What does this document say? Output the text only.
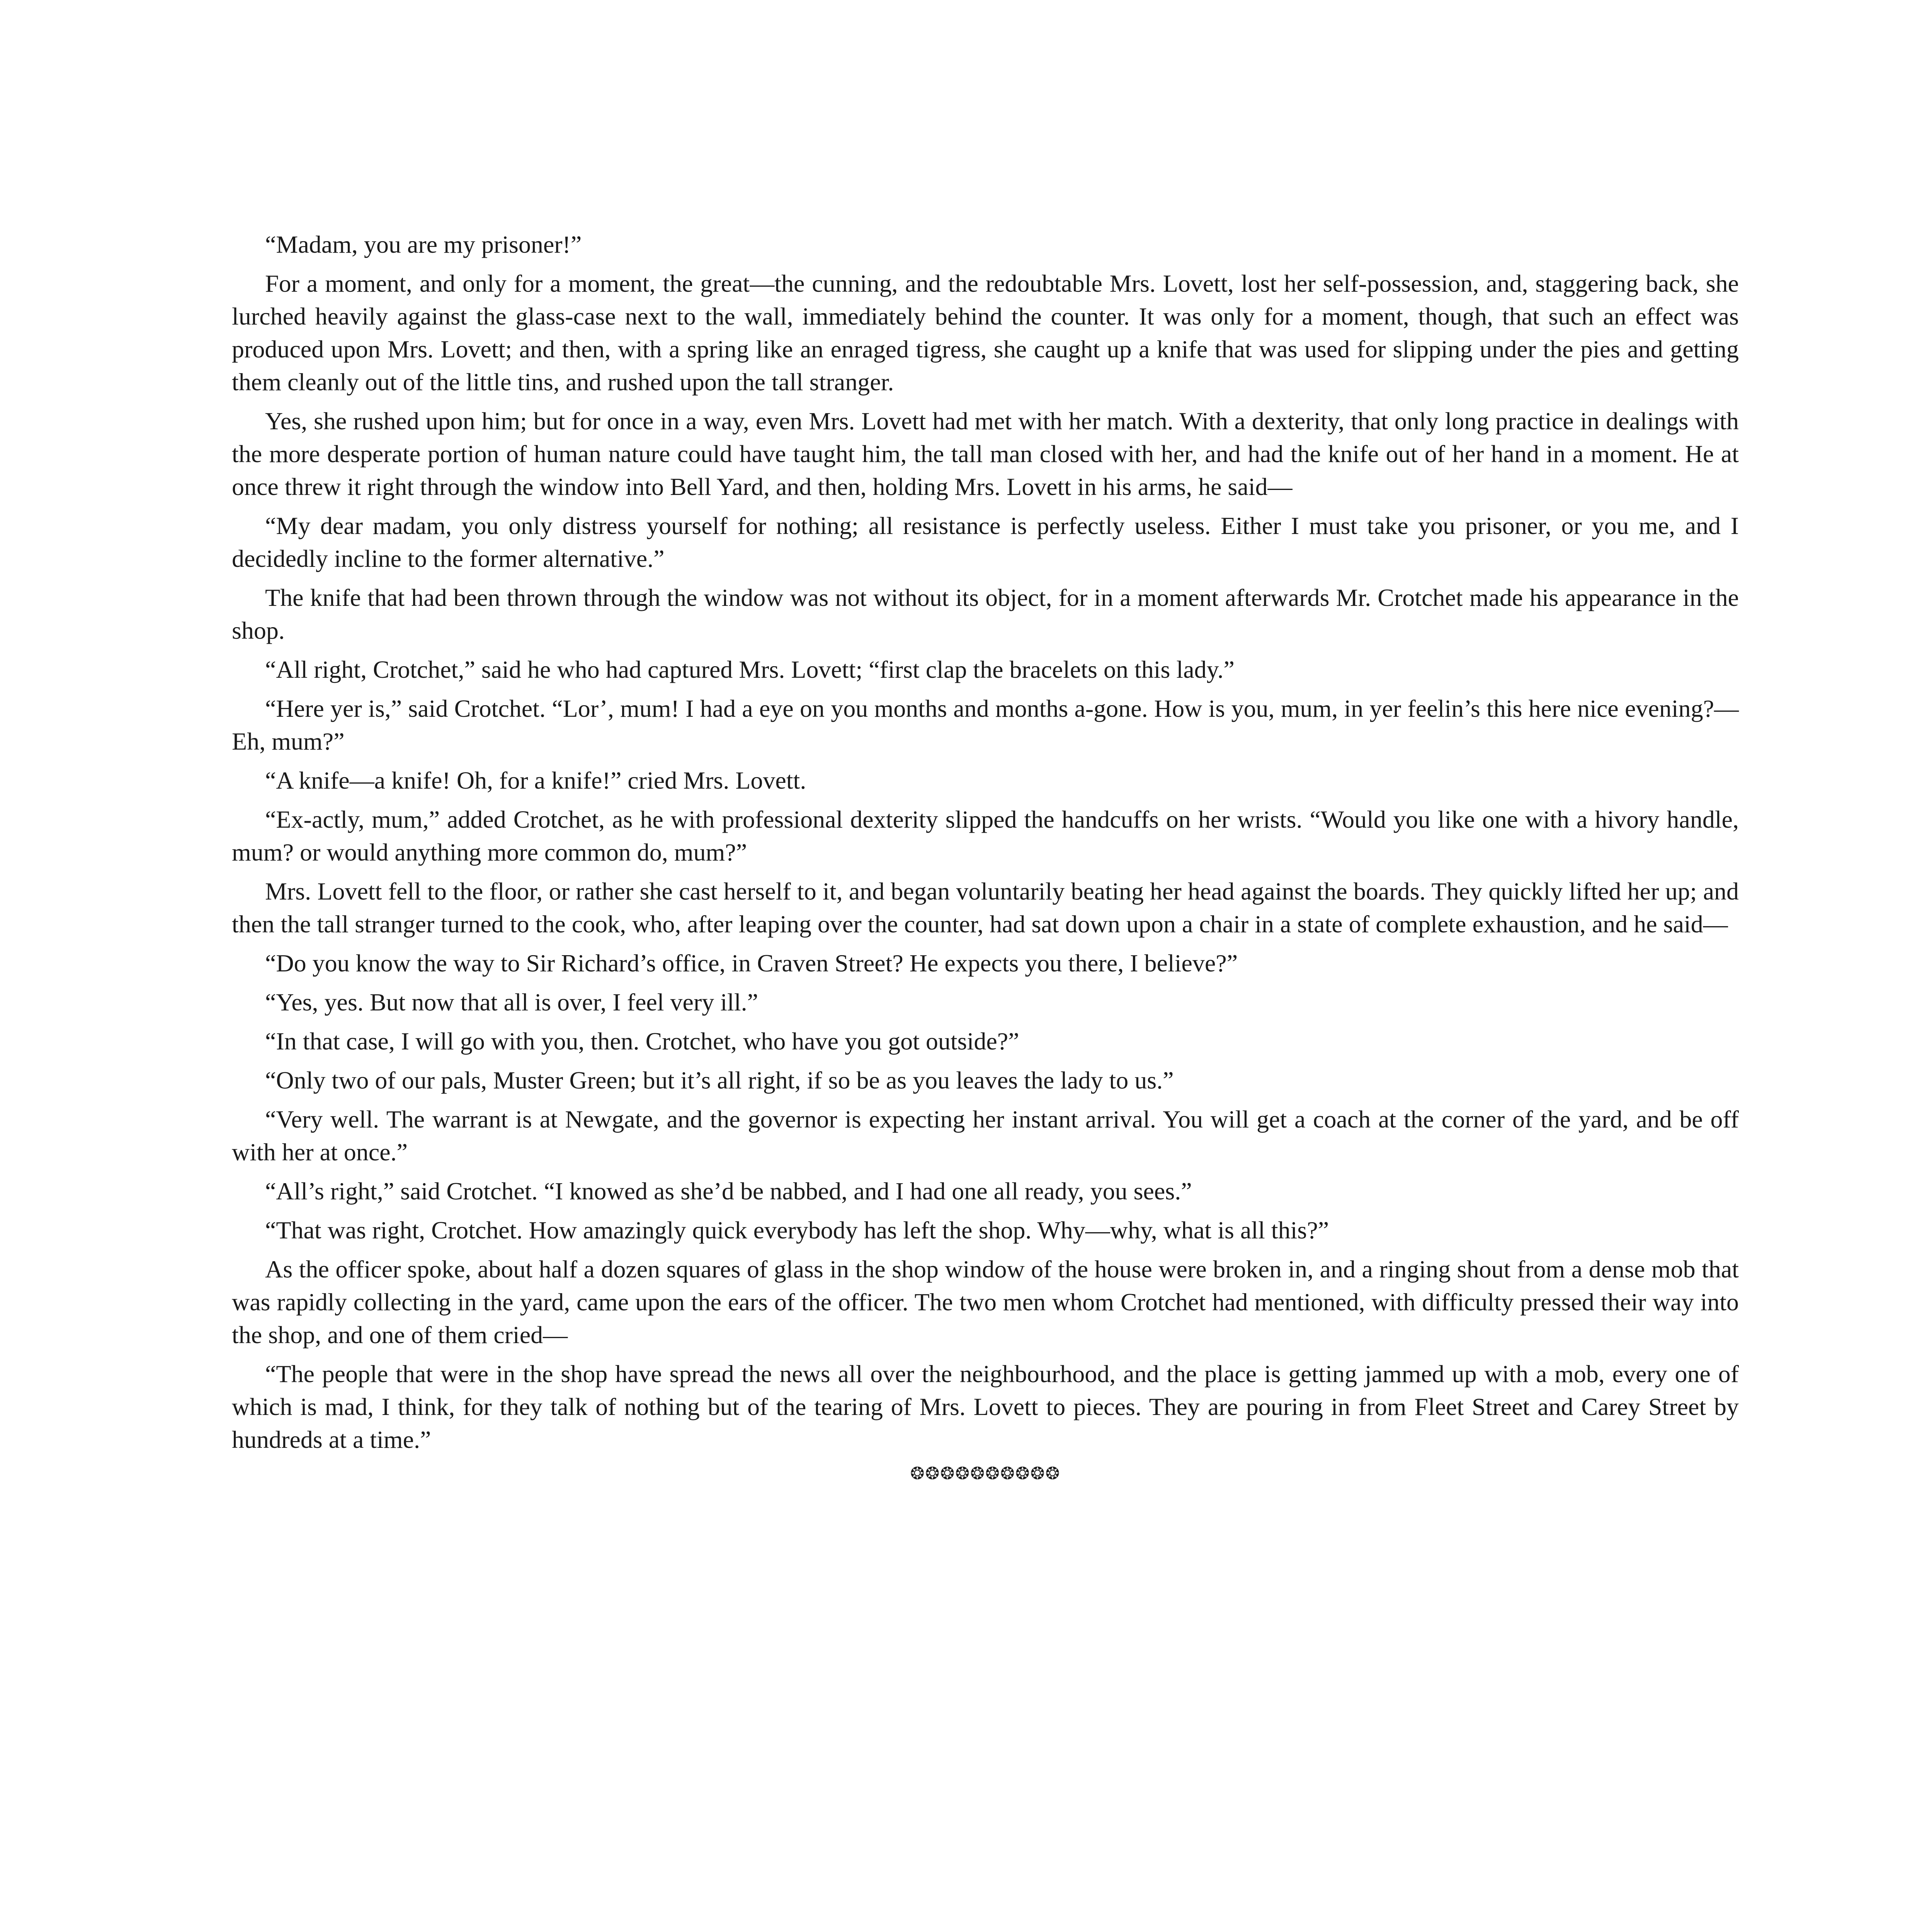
“Madam, you are my prisoner!”

For a moment, and only for a moment, the great—the cunning, and the redoubtable Mrs. Lovett, lost her self-possession, and, staggering back, she lurched heavily against the glass-case next to the wall, immediately behind the counter. It was only for a moment, though, that such an effect was produced upon Mrs. Lovett; and then, with a spring like an enraged tigress, she caught up a knife that was used for slipping under the pies and getting them cleanly out of the little tins, and rushed upon the tall stranger.

Yes, she rushed upon him; but for once in a way, even Mrs. Lovett had met with her match. With a dexterity, that only long practice in dealings with the more desperate portion of human nature could have taught him, the tall man closed with her, and had the knife out of her hand in a moment. He at once threw it right through the window into Bell Yard, and then, holding Mrs. Lovett in his arms, he said—

“My dear madam, you only distress yourself for nothing; all resistance is perfectly useless. Either I must take you prisoner, or you me, and I decidedly incline to the former alternative.”

The knife that had been thrown through the window was not without its object, for in a moment afterwards Mr. Crotchet made his appearance in the shop.

“All right, Crotchet,” said he who had captured Mrs. Lovett; “first clap the bracelets on this lady.”

“Here yer is,” said Crotchet. “Lor’, mum! I had a eye on you months and months a-gone. How is you, mum, in yer feelin’s this here nice evening?—Eh, mum?”

“A knife—a knife! Oh, for a knife!” cried Mrs. Lovett.

“Ex-actly, mum,” added Crotchet, as he with professional dexterity slipped the handcuffs on her wrists. “Would you like one with a hivory handle, mum? or would anything more common do, mum?”

Mrs. Lovett fell to the floor, or rather she cast herself to it, and began voluntarily beating her head against the boards. They quickly lifted her up; and then the tall stranger turned to the cook, who, after leaping over the counter, had sat down upon a chair in a state of complete exhaustion, and he said—

“Do you know the way to Sir Richard’s office, in Craven Street? He expects you there, I believe?”

“Yes, yes. But now that all is over, I feel very ill.”

“In that case, I will go with you, then. Crotchet, who have you got outside?”

“Only two of our pals, Muster Green; but it’s all right, if so be as you leaves the lady to us.”

“Very well. The warrant is at Newgate, and the governor is expecting her instant arrival. You will get a coach at the corner of the yard, and be off with her at once.”

“All’s right,” said Crotchet. “I knowed as she’d be nabbed, and I had one all ready, you sees.”

“That was right, Crotchet. How amazingly quick everybody has left the shop. Why—why, what is all this?”

As the officer spoke, about half a dozen squares of glass in the shop window of the house were broken in, and a ringing shout from a dense mob that was rapidly collecting in the yard, came upon the ears of the officer. The two men whom Crotchet had mentioned, with difficulty pressed their way into the shop, and one of them cried—

“The people that were in the shop have spread the news all over the neighbourhood, and the place is getting jammed up with a mob, every one of which is mad, I think, for they talk of nothing but of the tearing of Mrs. Lovett to pieces. They are pouring in from Fleet Street and Carey Street by hundreds at a time.”

❂❂❂❂❂❂❂❂❂❂
